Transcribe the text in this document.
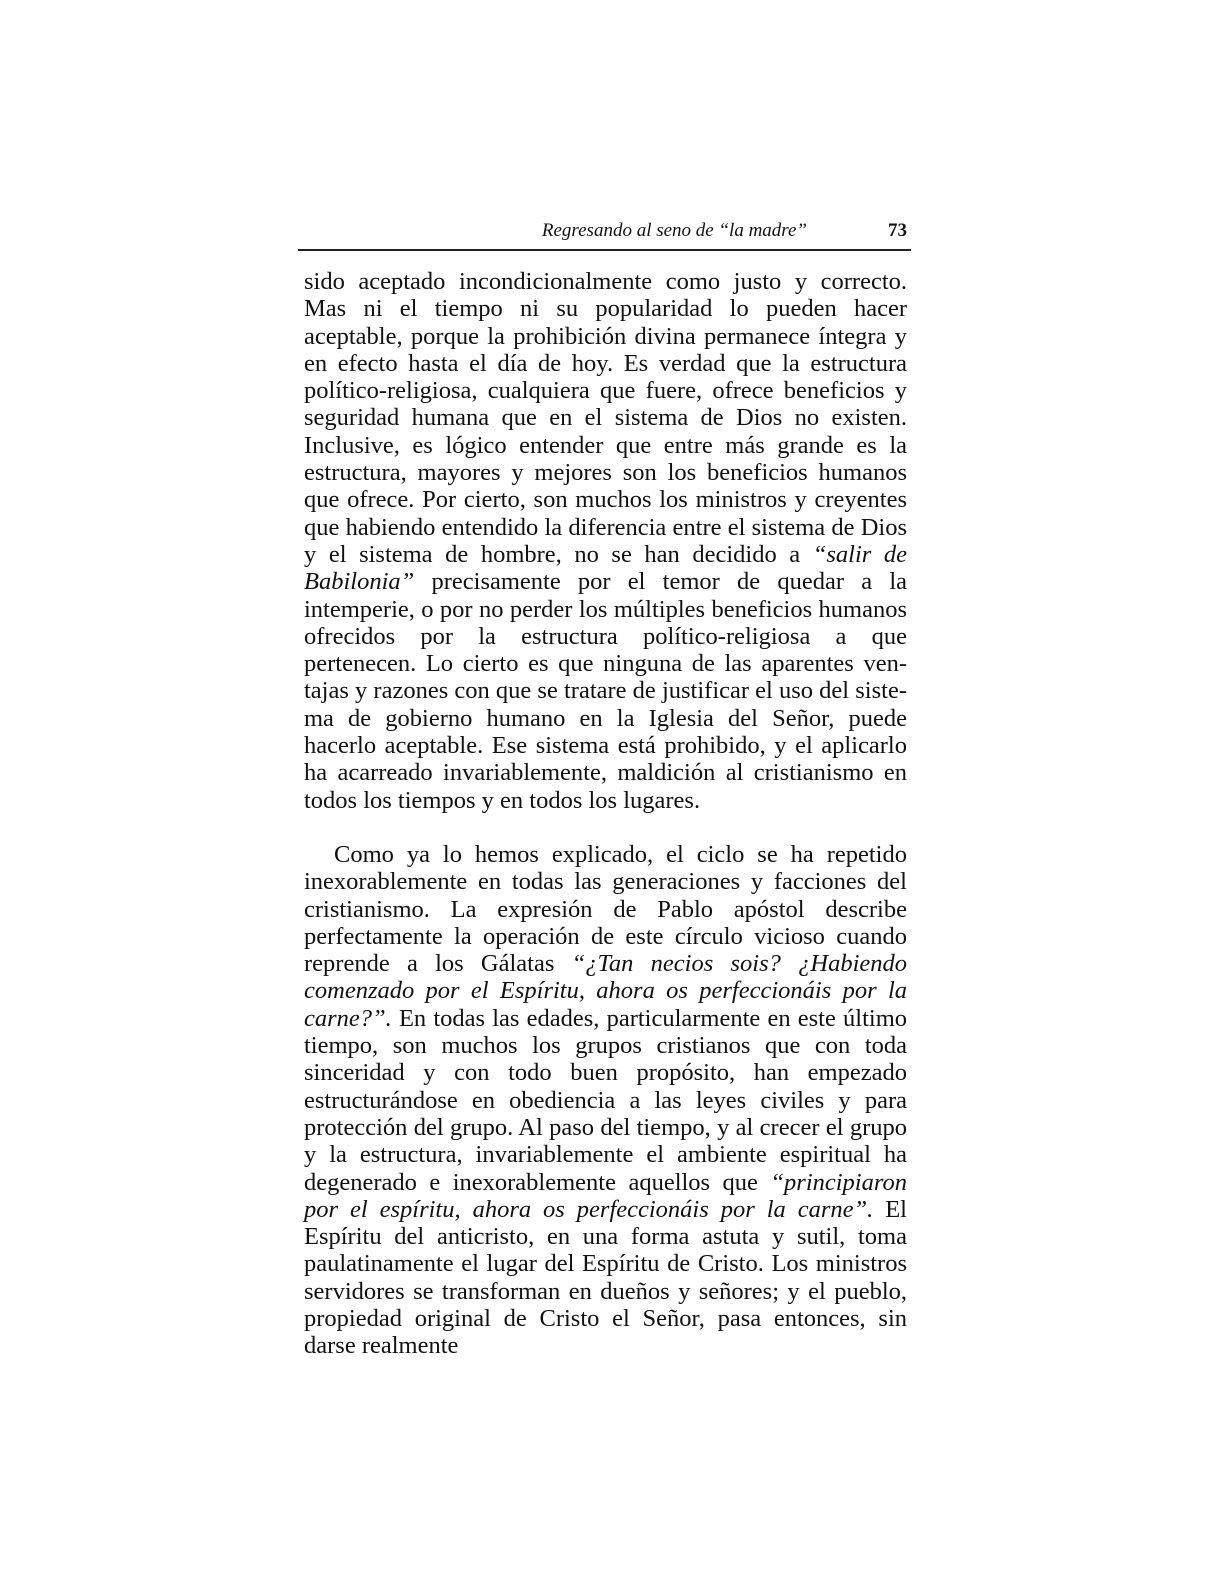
Regresando al seno de “la madre”	73

sido aceptado incondicionalmente como justo y correcto. Mas ni el tiempo ni su popularidad lo pueden hacer aceptable, porque la prohibición divina permanece íntegra y en efecto hasta el día de hoy. Es verdad que la estructura político-religiosa, cualquiera que fuere, ofrece beneficios y seguridad humana que en el sistema de Dios no existen. Inclusive, es lógico entender que entre más grande es la estructura, mayores y mejores son los beneficios humanos que ofrece. Por cierto, son muchos los ministros y creyentes que habiendo entendido la diferencia entre el sistema de Dios y el sistema de hombre, no se han decidido a “salir de Babilonia” precisamente por el temor de quedar a la intemperie, o por no perder los múltiples beneficios humanos ofrecidos por la estructura político-religiosa a que pertenecen. Lo cierto es que ninguna de las aparentes ventajas y razones con que se tratare de justificar el uso del sistema de gobierno humano en la Iglesia del Señor, puede hacerlo aceptable. Ese sistema está prohibido, y el aplicarlo ha acarreado invariablemente, maldición al cristianismo en todos los tiempos y en todos los lugares.

Como ya lo hemos explicado, el ciclo se ha repetido inexorablemente en todas las generaciones y facciones del cristianismo. La expresión de Pablo apóstol describe perfectamente la operación de este círculo vicioso cuando reprende a los Gálatas “¿Tan necios sois? ¿Habiendo comenzado por el Espíritu, ahora os perfeccionáis por la carne?”. En todas las edades, particularmente en este último tiempo, son muchos los grupos cristianos que con toda sinceridad y con todo buen propósito, han empezado estructurándose en obediencia a las leyes civiles y para protección del grupo. Al paso del tiempo, y al crecer el grupo y la estructura, invariablemente el ambiente espiritual ha degenerado e inexorablemente aquellos que “principiaron por el espíritu, ahora os perfeccionáis por la carne”. El Espíritu del anticristo, en una forma astuta y sutil, toma paulatinamente el lugar del Espíritu de Cristo. Los ministros servidores se transforman en dueños y señores; y el pueblo, propiedad original de Cristo el Señor, pasa entonces, sin darse realmente
